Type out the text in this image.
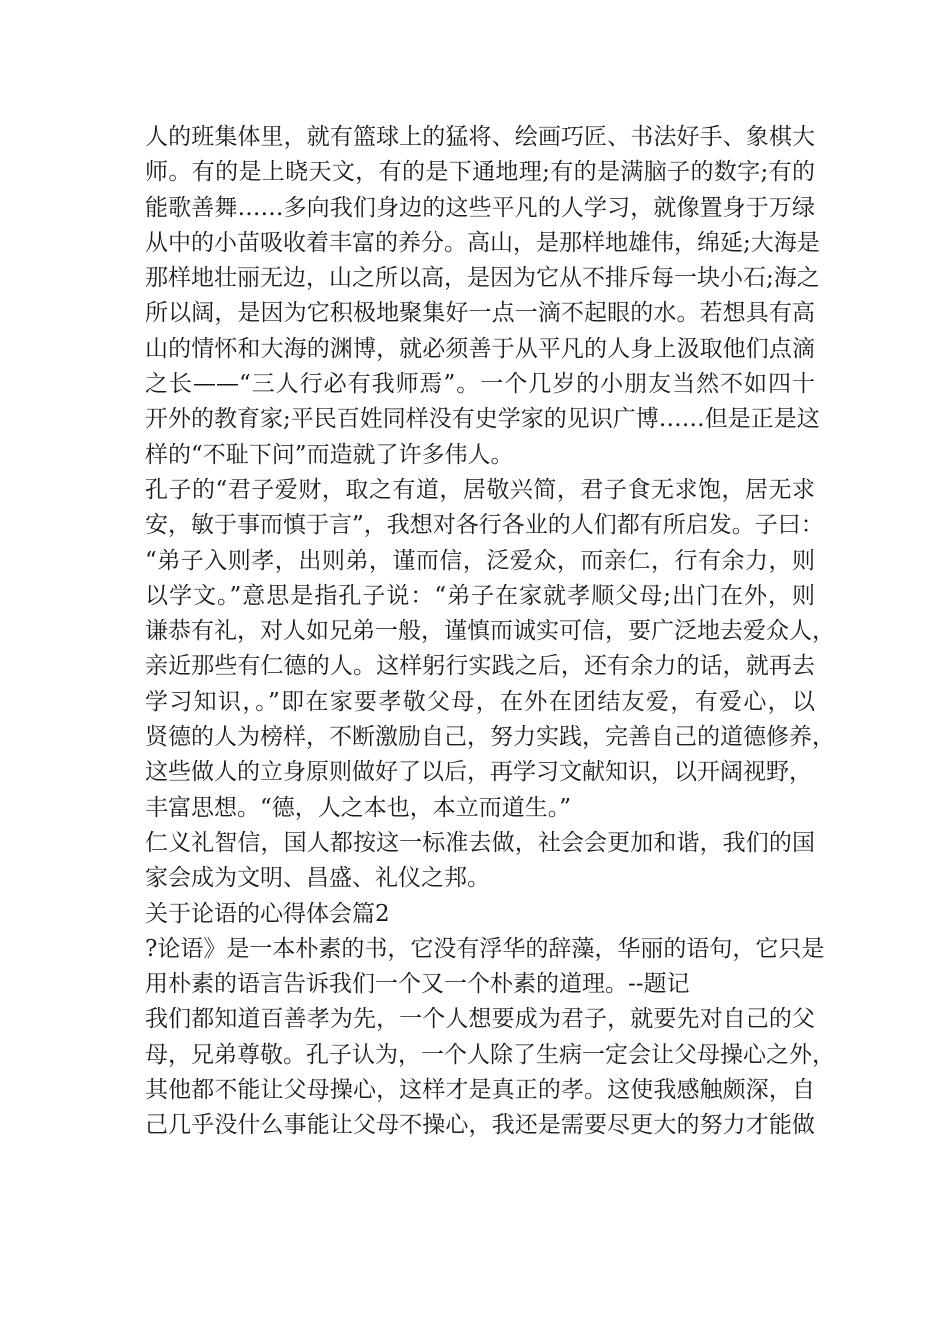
人的班集体里，就有篮球上的猛将、绘画巧匠、书法好手、象棋大
师。有的是上晓天文，有的是下通地理;有的是满脑子的数字;有的
能歌善舞……多向我们身边的这些平凡的人学习，就像置身于万绿
从中的小苗吸收着丰富的养分。高山，是那样地雄伟，绵延;大海是
那样地壮丽无边，山之所以高，是因为它从不排斥每一块小石;海之
所以阔，是因为它积极地聚集好一点一滴不起眼的水。若想具有高
山的情怀和大海的渊博，就必须善于从平凡的人身上汲取他们点滴
之长——“三人行必有我师焉”。一个几岁的小朋友当然不如四十
开外的教育家;平民百姓同样没有史学家的见识广博……但是正是这
样的“不耻下问”而造就了许多伟人。
孔子的“君子爱财，取之有道，居敬兴简，君子食无求饱，居无求
安，敏于事而慎于言”，我想对各行各业的人们都有所启发。子曰：
“弟子入则孝，出则弟，谨而信，泛爱众，而亲仁，行有余力，则
以学文。”意思是指孔子说：“弟子在家就孝顺父母;出门在外，则
谦恭有礼，对人如兄弟一般，谨慎而诚实可信，要广泛地去爱众人，
亲近那些有仁德的人。这样躬行实践之后，还有余力的话，就再去
学习知识，。”即在家要孝敬父母，在外在团结友爱，有爱心，以
贤德的人为榜样，不断激励自己，努力实践，完善自己的道德修养，
这些做人的立身原则做好了以后，再学习文献知识，以开阔视野，
丰富思想。“德，人之本也，本立而道生。”
仁义礼智信，国人都按这一标准去做，社会会更加和谐，我们的国
家会成为文明、昌盛、礼仪之邦。
关于论语的心得体会篇2
?论语》是一本朴素的书，它没有浮华的辞藻，华丽的语句，它只是
用朴素的语言告诉我们一个又一个朴素的道理。--题记
我们都知道百善孝为先，一个人想要成为君子，就要先对自己的父
母，兄弟尊敬。孔子认为，一个人除了生病一定会让父母操心之外，
其他都不能让父母操心，这样才是真正的孝。这使我感触颇深，自
己几乎没什么事能让父母不操心，我还是需要尽更大的努力才能做
